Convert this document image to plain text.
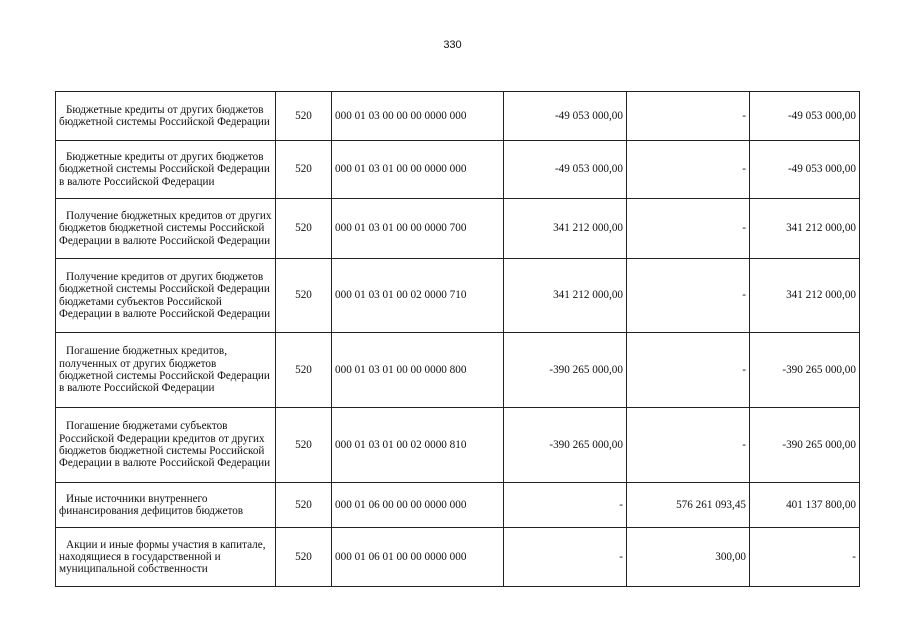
330
Бюджетные кредиты от других бюджетов бюджетной системы Российской Федерации	520	000 01 03 00 00 00 0000 000	-49 053 000,00	-	-49 053 000,00
Бюджетные кредиты от других бюджетов бюджетной системы Российской Федерации в валюте Российской Федерации	520	000 01 03 01 00 00 0000 000	-49 053 000,00	-	-49 053 000,00
Получение бюджетных кредитов от других бюджетов бюджетной системы Российской Федерации в валюте Российской Федерации	520	000 01 03 01 00 00 0000 700	341 212 000,00	-	341 212 000,00
Получение кредитов от других бюджетов бюджетной системы Российской Федерации бюджетами субъектов Российской Федерации в валюте Российской Федерации	520	000 01 03 01 00 02 0000 710	341 212 000,00	-	341 212 000,00
Погашение бюджетных кредитов, полученных от других бюджетов бюджетной системы Российской Федерации в валюте Российской Федерации	520	000 01 03 01 00 00 0000 800	-390 265 000,00	-	-390 265 000,00
Погашение бюджетами субъектов Российской Федерации кредитов от других бюджетов бюджетной системы Российской Федерации в валюте Российской Федерации	520	000 01 03 01 00 02 0000 810	-390 265 000,00	-	-390 265 000,00
Иные источники внутреннего финансирования дефицитов бюджетов	520	000 01 06 00 00 00 0000 000	-	576 261 093,45	401 137 800,00
Акции и иные формы участия в капитале, находящиеся в государственной и муниципальной собственности	520	000 01 06 01 00 00 0000 000	-	300,00	-
